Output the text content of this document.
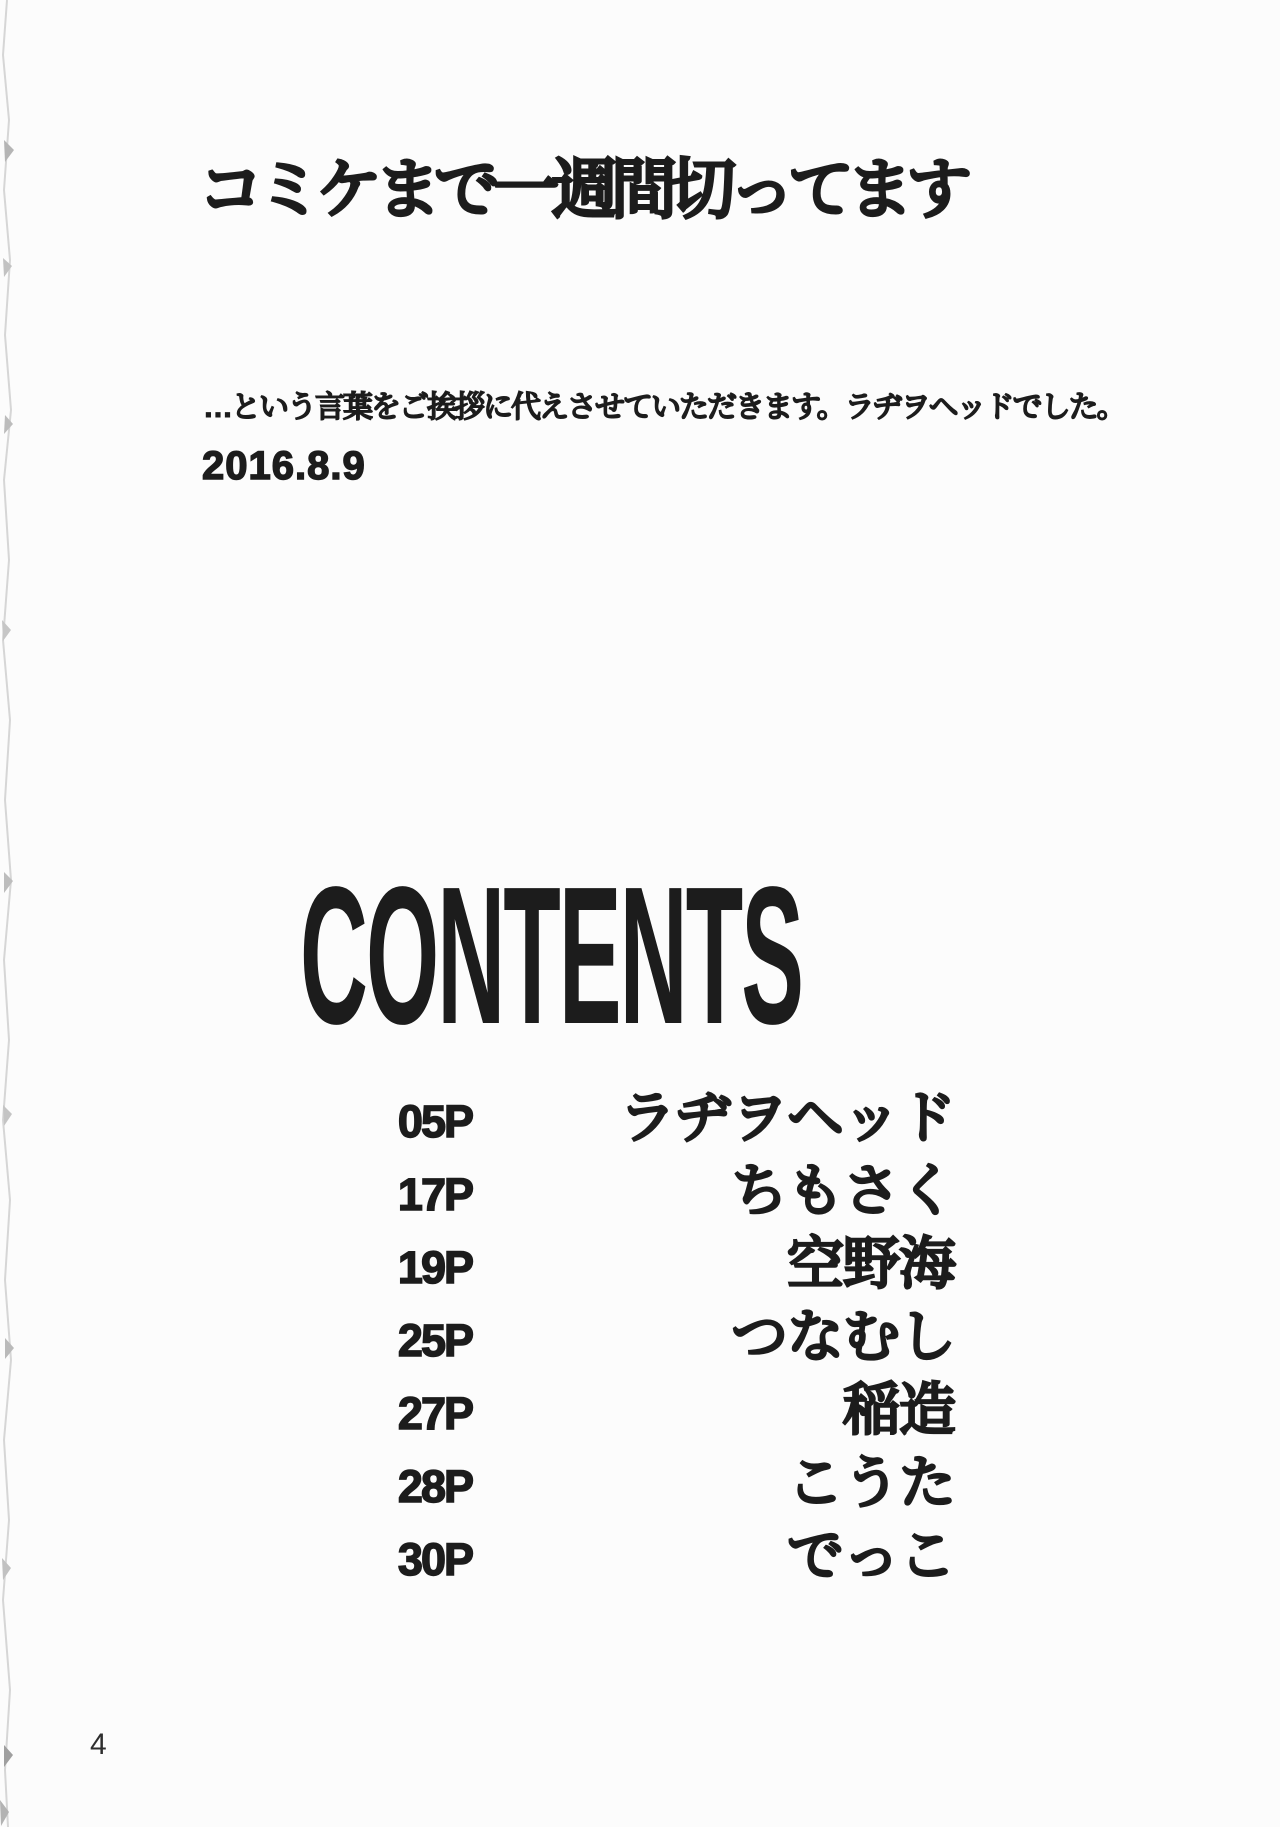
コミケまで一週間切ってます

…という言葉をご挨拶に代えさせていただきます。ラヂヲヘッドでした。

2016.8.9

CONTENTS
05P	ラヂヲヘッド
17P	ちもさく
19P	空野海
25P	つなむし
27P	稲造
28P	こうた
30P	でっこ
4
